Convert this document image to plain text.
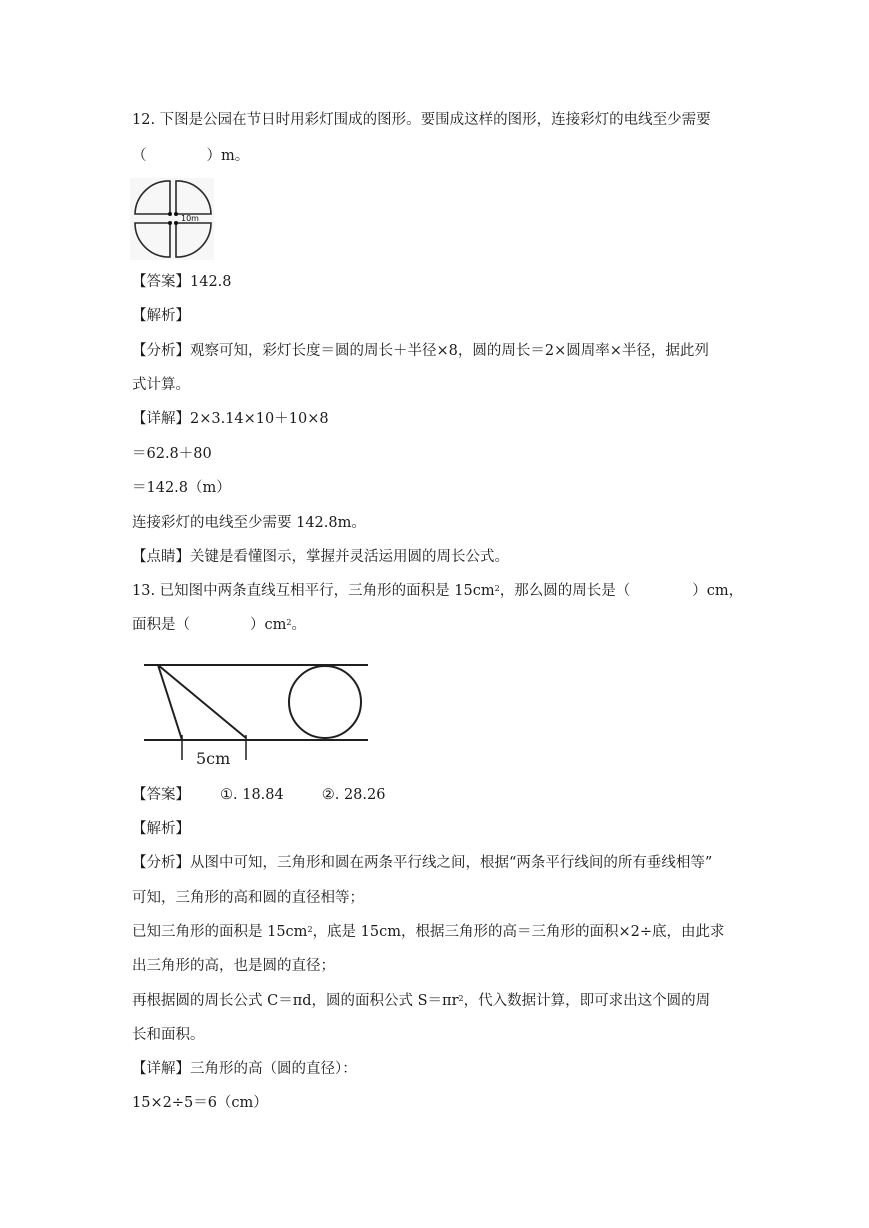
12. 下图是公园在节日时用彩灯围成的图形。要围成这样的图形，连接彩灯的电线至少需要
（	）m。
10m
【答案】142.8
【解析】
【分析】观察可知，彩灯长度＝圆的周长＋半径×8，圆的周长＝2×圆周率×半径，据此列
式计算。
【详解】2×3.14×10＋10×8
＝62.8＋80
＝142.8（m）
连接彩灯的电线至少需要 142.8m。
【点睛】关键是看懂图示，掌握并灵活运用圆的周长公式。
13. 已知图中两条直线互相平行，三角形的面积是 $15cm^2$，那么圆的周长是（	）cm，
面积是（	）$cm^2$。
5cm
【答案】 ①. 18.84	②. 28.26
【解析】
【分析】从图中可知，三角形和圆在两条平行线之间，根据“两条平行线间的所有垂线相等”
可知，三角形的高和圆的直径相等；
已知三角形的面积是 $15cm^2$，底是 15cm，根据三角形的高＝三角形的面积×2÷底，由此求
出三角形的高，也是圆的直径；
再根据圆的周长公式 C＝πd，圆的面积公式 $S=\pi r^2$，代入数据计算，即可求出这个圆的周
长和面积。
【详解】三角形的高（圆的直径）：
15×2÷5＝6（cm）
